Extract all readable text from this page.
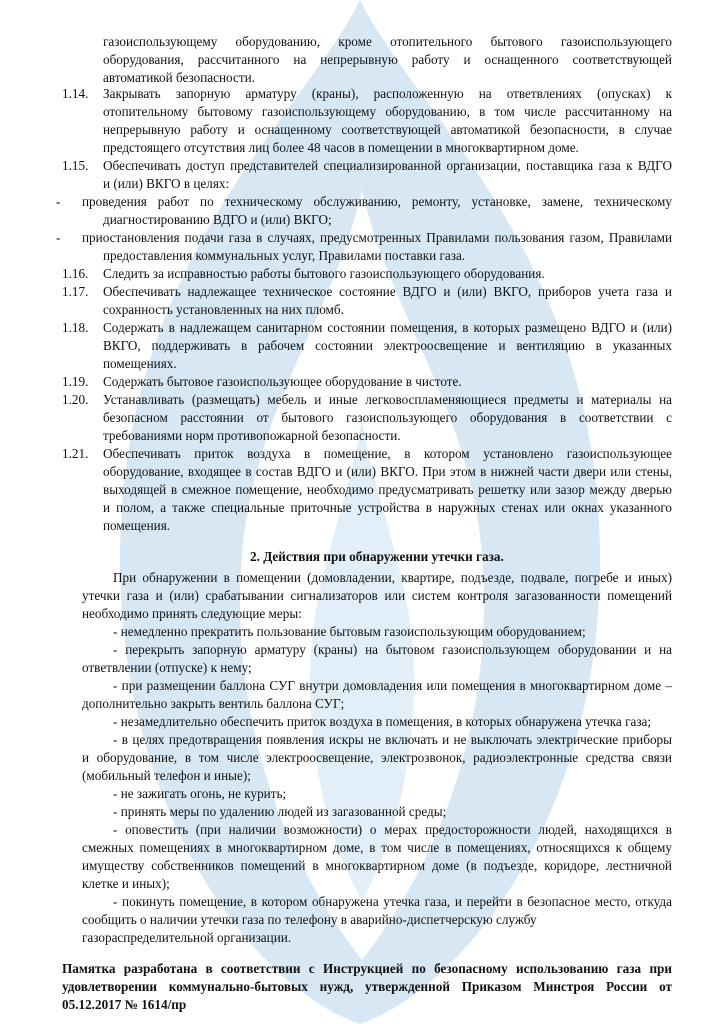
газоиспользующему оборудованию, кроме отопительного бытового газоиспользующего
оборудования, рассчитанного на непрерывную работу и оснащенного соответствующей
автоматикой безопасности.
1.14. Закрывать запорную арматуру (краны), расположенную на ответвлениях (опусках) к
отопительному бытовому газоиспользующему оборудованию, в том числе рассчитанному на
непрерывную работу и оснащенному соответствующей автоматикой безопасности, в случае
предстоящего отсутствия лиц более 48 часов в помещении в многоквартирном доме.
1.15. Обеспечивать доступ представителей специализированной организации, поставщика газа к ВДГО
и (или) ВКГО в целях:
- проведения работ по техническому обслуживанию, ремонту, установке, замене, техническому
диагностированию ВДГО и (или) ВКГО;
- приостановления подачи газа в случаях, предусмотренных Правилами пользования газом, Правилами
предоставления коммунальных услуг, Правилами поставки газа.
1.16. Следить за исправностью работы бытового газоиспользующего оборудования.
1.17. Обеспечивать надлежащее техническое состояние ВДГО и (или) ВКГО, приборов учета газа и
сохранность установленных на них пломб.
1.18. Содержать в надлежащем санитарном состоянии помещения, в которых размещено ВДГО и (или)
ВКГО, поддерживать в рабочем состоянии электроосвещение и вентиляцию в указанных
помещениях.
1.19. Содержать бытовое газоиспользующее оборудование в чистоте.
1.20. Устанавливать (размещать) мебель и иные легковоспламеняющиеся предметы и материалы на
безопасном расстоянии от бытового газоиспользующего оборудования в соответствии с
требованиями норм противопожарной безопасности.
1.21. Обеспечивать приток воздуха в помещение, в котором установлено газоиспользующее
оборудование, входящее в состав ВДГО и (или) ВКГО. При этом в нижней части двери или стены,
выходящей в смежное помещение, необходимо предусматривать решетку или зазор между дверью
и полом, а также специальные приточные устройства в наружных стенах или окнах указанного
помещения.
2. Действия при обнаружении утечки газа.
При обнаружении в помещении (домовладении, квартире, подъезде, подвале, погребе и иных)
утечки газа и (или) срабатывании сигнализаторов или систем контроля загазованности помещений
необходимо принять следующие меры:
- немедленно прекратить пользование бытовым газоиспользующим оборудованием;
- перекрыть запорную арматуру (краны) на бытовом газоиспользующем оборудовании и на
ответвлении (отпуске) к нему;
- при размещении баллона СУГ внутри домовладения или помещения в многоквартирном доме –
дополнительно закрыть вентиль баллона СУГ;
- незамедлительно обеспечить приток воздуха в помещения, в которых обнаружена утечка газа;
- в целях предотвращения появления искры не включать и не выключать электрические приборы
и оборудование, в том числе электроосвещение, электрозвонок, радиоэлектронные средства связи
(мобильный телефон и иные);
- не зажигать огонь, не курить;
- принять меры по удалению людей из загазованной среды;
- оповестить (при наличии возможности) о мерах предосторожности людей, находящихся в
смежных помещениях в многоквартирном доме, в том числе в помещениях, относящихся к общему
имуществу собственников помещений в многоквартирном доме (в подъезде, коридоре, лестничной
клетке и иных);
- покинуть помещение, в котором обнаружена утечка газа, и перейти в безопасное место, откуда
сообщить о наличии утечки газа по телефону в аварийно-диспетчерскую службу
газораспределительной организации.
Памятка разработана в соответствии с Инструкцией по безопасному использованию газа при
удовлетворении коммунально-бытовых нужд, утвержденной Приказом Минстроя России от
05.12.2017 № 1614/пр
